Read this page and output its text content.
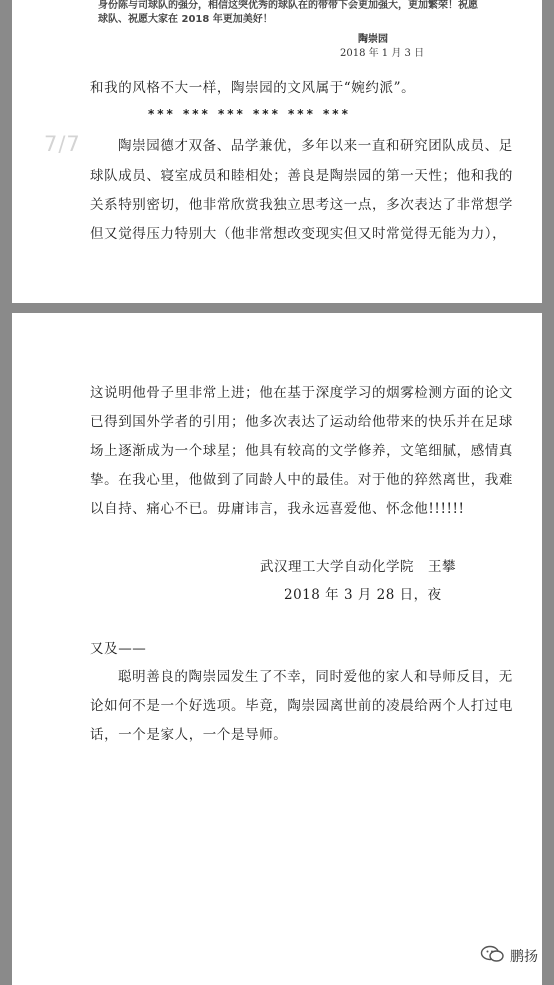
身份陈与司球队的强分，相信这突优秀的球队在的带带下会更加强大，更加繁荣！祝愿
球队、祝愿大家在 2018 年更加美好！
陶崇园
2018 年 1 月 3 日
和我的风格不大一样，陶崇园的文风属于“婉约派”。
*** *** *** *** *** ***
7/7	陶崇园德才双备、品学兼优，多年以来一直和研究团队成员、足
球队成员、寝室成员和睦相处；善良是陶崇园的第一天性；他和我的
关系特别密切，他非常欣赏我独立思考这一点，多次表达了非常想学
但又觉得压力特别大（他非常想改变现实但又时常觉得无能为力），
这说明他骨子里非常上进；他在基于深度学习的烟雾检测方面的论文
已得到国外学者的引用；他多次表达了运动给他带来的快乐并在足球
场上逐渐成为一个球星；他具有较高的文学修养，文笔细腻，感情真
挚。在我心里，他做到了同龄人中的最佳。对于他的猝然离世，我难
以自持、痛心不已。毋庸讳言，我永远喜爱他、怀念他!!!!!!
武汉理工大学自动化学院　王攀
2018 年 3 月 28 日，夜
又及——
聪明善良的陶崇园发生了不幸，同时爱他的家人和导师反目，无
论如何不是一个好选项。毕竟，陶崇园离世前的凌晨给两个人打过电
话，一个是家人，一个是导师。
鹏扬
